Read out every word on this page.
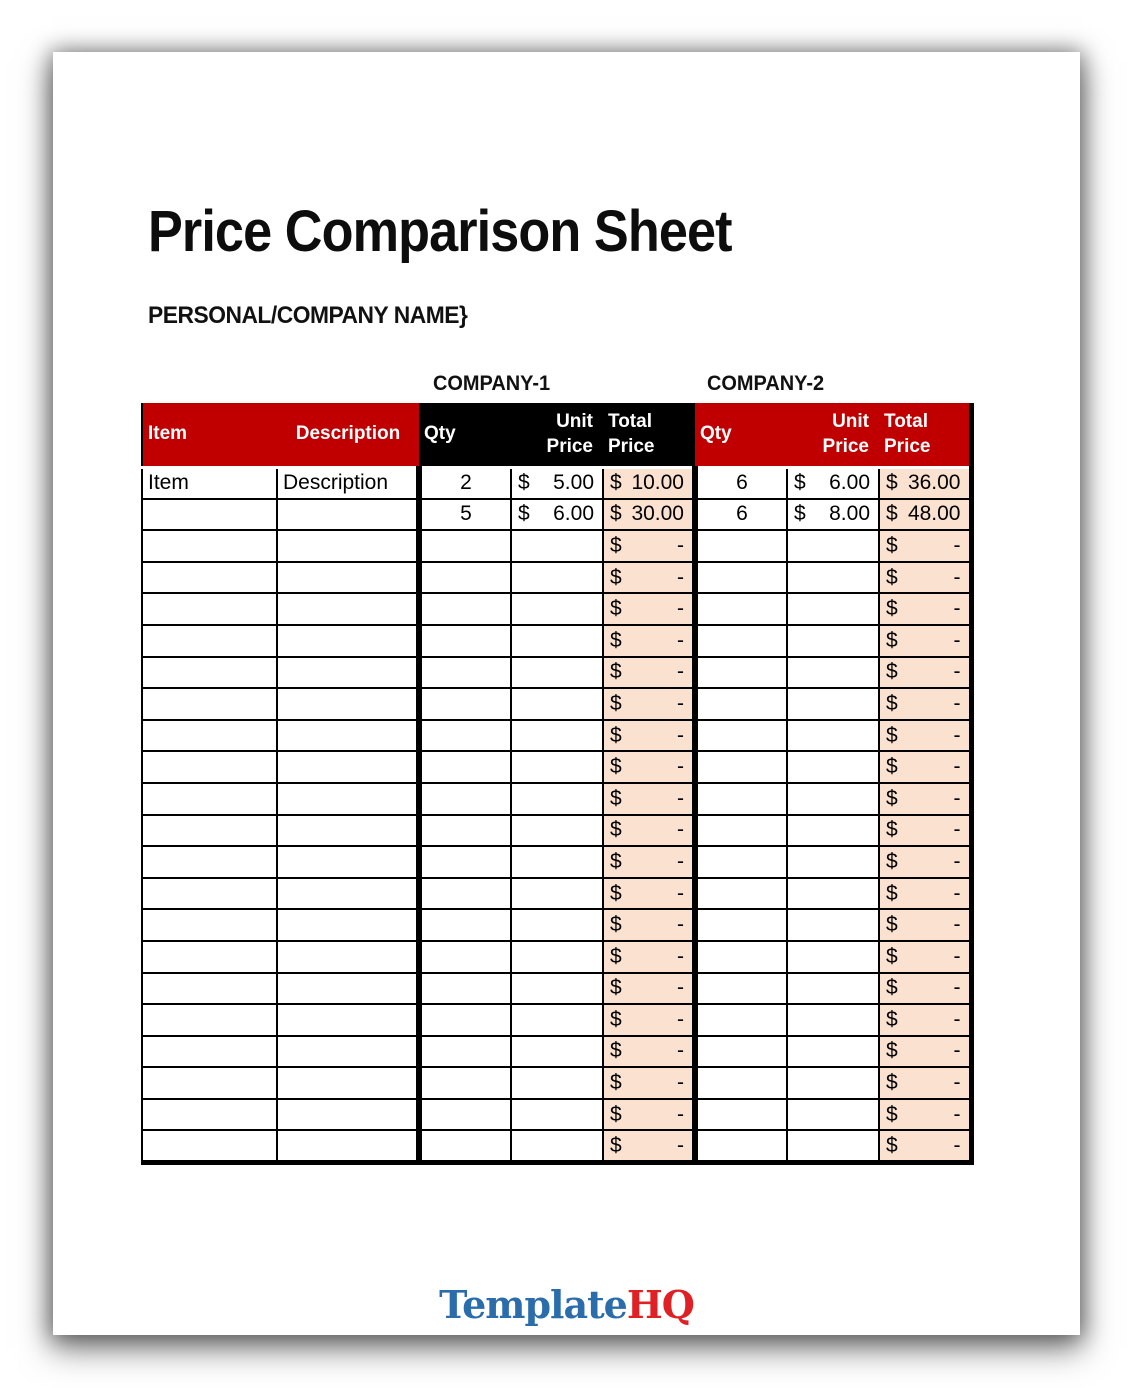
Price Comparison Sheet
PERSONAL/COMPANY NAME}
COMPANY-1	COMPANY-2
Item	Description	Qty	Unit Price	Total Price	Qty	Unit Price	Total Price
Item	Description	2	$ 5.00	$ 10.00	6	$ 6.00	$ 36.00

		5	$ 6.00	$ 30.00	6	$ 8.00	$ 48.00

				$ -			$ -

				$ -			$ -

				$ -			$ -

				$ -			$ -

				$ -			$ -

				$ -			$ -

				$ -			$ -

				$ -			$ -

				$ -			$ -

				$ -			$ -

				$ -			$ -

				$ -			$ -

				$ -			$ -

				$ -			$ -

				$ -			$ -

				$ -			$ -

				$ -			$ -

				$ -			$ -

				$ -			$ -

				$ -			$ -
TemplateHQ
